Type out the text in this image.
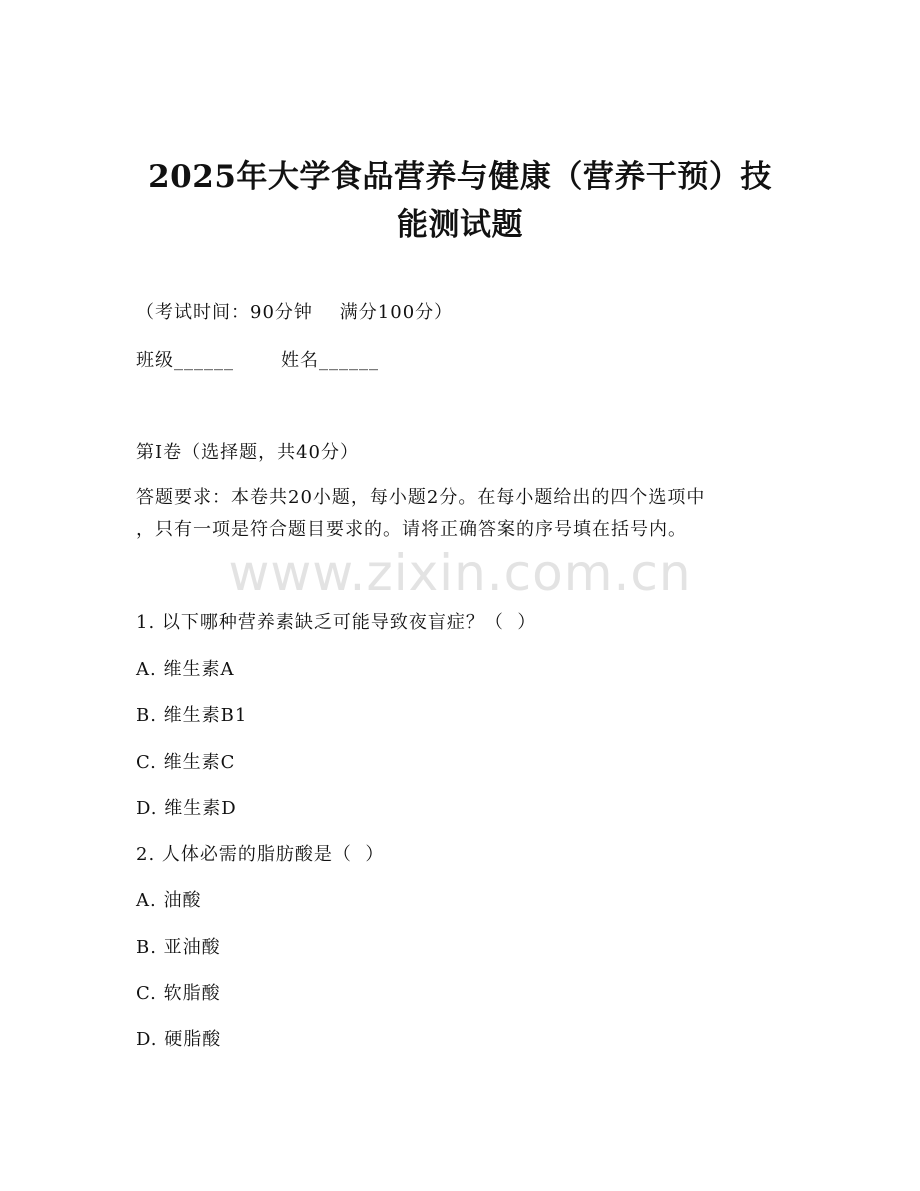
2025年大学食品营养与健康（营养干预）技
能测试题
（考试时间：90分钟    满分100分）
班级______       姓名______
第I卷（选择题，共40分）
答题要求：本卷共20小题，每小题2分。在每小题给出的四个选项中
，只有一项是符合题目要求的。请将正确答案的序号填在括号内。
www.zixin.com.cn
1. 以下哪种营养素缺乏可能导致夜盲症？（  ）
A. 维生素A
B. 维生素B1
C. 维生素C
D. 维生素D
2. 人体必需的脂肪酸是（  ）
A. 油酸
B. 亚油酸
C. 软脂酸
D. 硬脂酸
